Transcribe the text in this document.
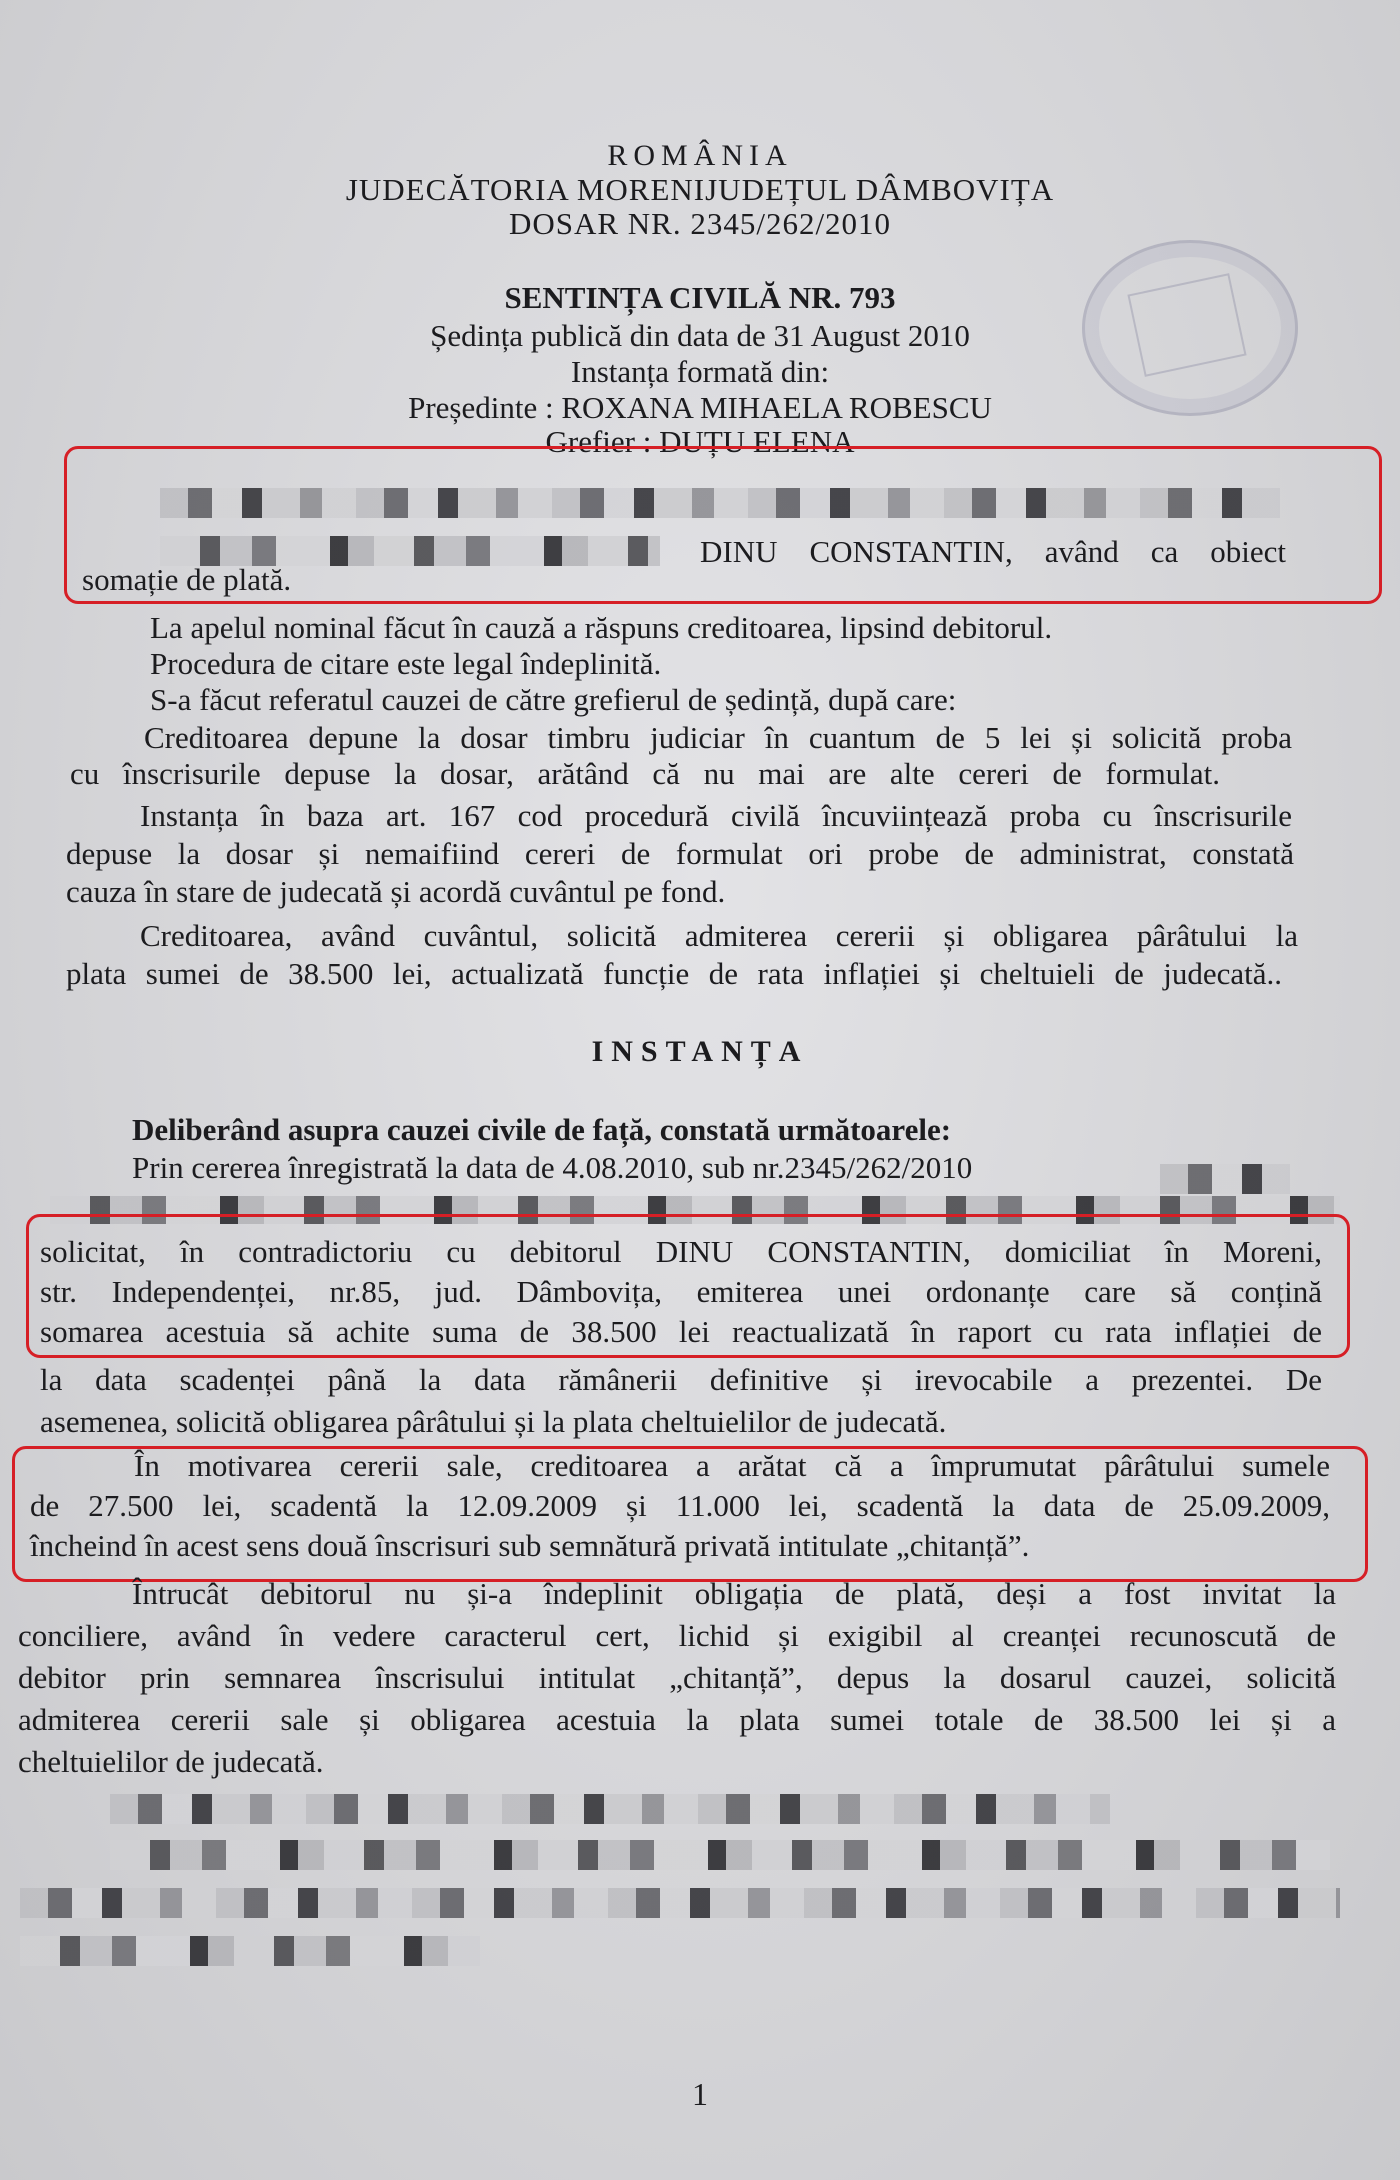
ROMÂNIA
JUDECĂTORIA MORENIJUDEȚUL DÂMBOVIȚA
DOSAR NR. 2345/262/2010
SENTINȚA CIVILĂ NR. 793
Ședința publică din data de 31 August 2010
Instanța formată din:
Președinte : ROXANA MIHAELA ROBESCU
Grefier : DUȚU ELENA
DINU CONSTANTIN, având ca obiect
somație de plată.
La apelul nominal făcut în cauză a răspuns creditoarea, lipsind debitorul.
Procedura de citare este legal îndeplinită.
S-a făcut referatul cauzei de către grefierul de ședință, după care:
Creditoarea depune la dosar timbru judiciar în cuantum de 5 lei și solicită proba
cu înscrisurile depuse la dosar, arătând că nu mai are alte cereri de formulat.
Instanța în baza art. 167 cod procedură civilă încuviințează proba cu înscrisurile
depuse la dosar și nemaifiind cereri de formulat ori probe de administrat, constată
cauza în stare de judecată și acordă cuvântul pe fond.
Creditoarea, având cuvântul, solicită admiterea cererii și obligarea pârâtului la
plata sumei de 38.500 lei, actualizată funcție de rata inflației și cheltuieli de judecată..
INSTANȚA
Deliberând asupra cauzei civile de față, constată următoarele:
Prin cererea înregistrată la data de 4.08.2010, sub nr.2345/262/2010
solicitat, în contradictoriu cu debitorul DINU CONSTANTIN, domiciliat în Moreni,
str. Independenței, nr.85, jud. Dâmbovița, emiterea unei ordonanțe care să conțină
somarea acestuia să achite suma de 38.500 lei reactualizată în raport cu rata inflației de
la data scadenței până la data rămânerii definitive și irevocabile a prezentei. De
asemenea, solicită obligarea pârâtului și la plata cheltuielilor de judecată.
În motivarea cererii sale, creditoarea a arătat că a împrumutat pârâtului sumele
de 27.500 lei, scadentă la 12.09.2009 și 11.000 lei, scadentă la data de 25.09.2009,
încheind în acest sens două înscrisuri sub semnătură privată intitulate „chitanță”.
Întrucât debitorul nu și-a îndeplinit obligația de plată, deși a fost invitat la
conciliere, având în vedere caracterul cert, lichid și exigibil al creanței recunoscută de
debitor prin semnarea înscrisului intitulat „chitanță”, depus la dosarul cauzei, solicită
admiterea cererii sale și obligarea acestuia la plata sumei totale de 38.500 lei și a
cheltuielilor de judecată.
1
